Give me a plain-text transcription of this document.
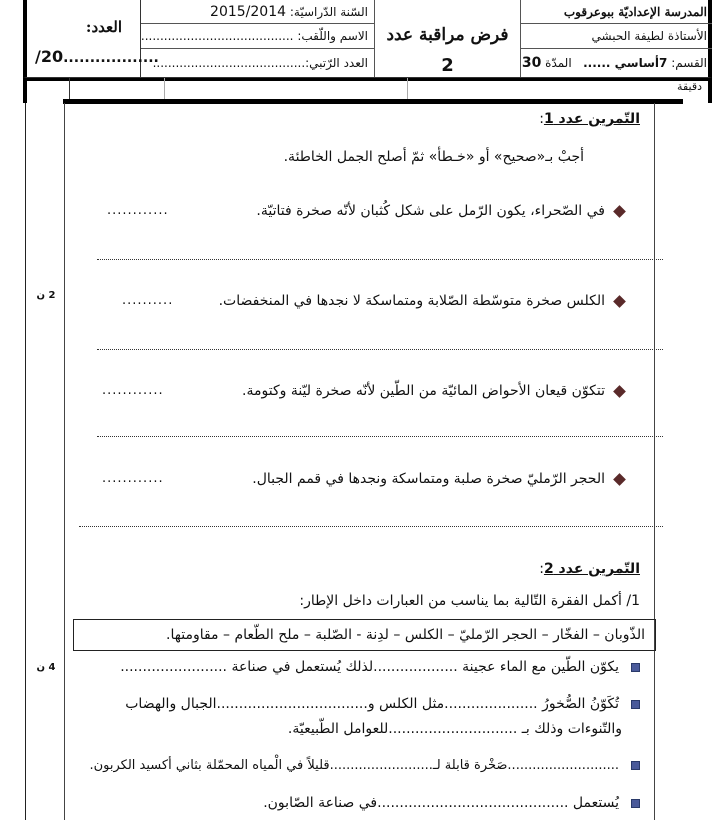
العدد:
/20..................
السّنة الدّراسيّة: 2015/2014
الاسم واللّقب: ........................................
العدد الرّتبي:........................................
فرض مراقبة عدد
2
المدرسة الإعداديّة ببوعرقوب
الأستاذة لطيفة الحبشي
القسم: 7أساسي ......   المدّة 30
دقيقة
2 ن
4 ن
التّمرين عدد 1:
أجبْ بـ«صحيح» أو «خـطأ» ثمّ أصلح الجمل الخاطئة.
في الصّحراء، يكون الرّمل على شكل كُثبان لأنّه صخرة فتاتيّة.
............
الكلس صخرة متوسّطة الصّلابة ومتماسكة لا نجدها في المنخفضات.
..........
تتكوّن قيعان الأحواض المائيّة من الطّين لأنّه صخرة ليّنة وكتومة.
............
الحجر الرّمليّ صخرة صلبة ومتماسكة ونجدها في قمم الجبال.
............
التّمرين عدد 2:
1/ أكمل الفقرة التّالية بما يناسب من العبارات داخل الإطار:
الذّوبان – الفخّار – الحجر الرّمليّ – الكلس – لدِنة - الصّلبة – ملح الطّعام – مقاومتها.
يكوّن الطّين مع الماء عجينة ...................لذلك يُستعمل في صناعة ........................
تُكَوّنُ الصُّخورُ .....................مثل الكلس و..................................الجبال والهضاب
والتّنوءات وذلك بـ .............................للعوامل الطّبيعيّة.
...........................صَخْرة قابلة لـ.........................قليلاً في الْمياه المحمّلة بثاني أكسيد الكربون.
يُستعمل ...........................................في صناعة الصّابون.
